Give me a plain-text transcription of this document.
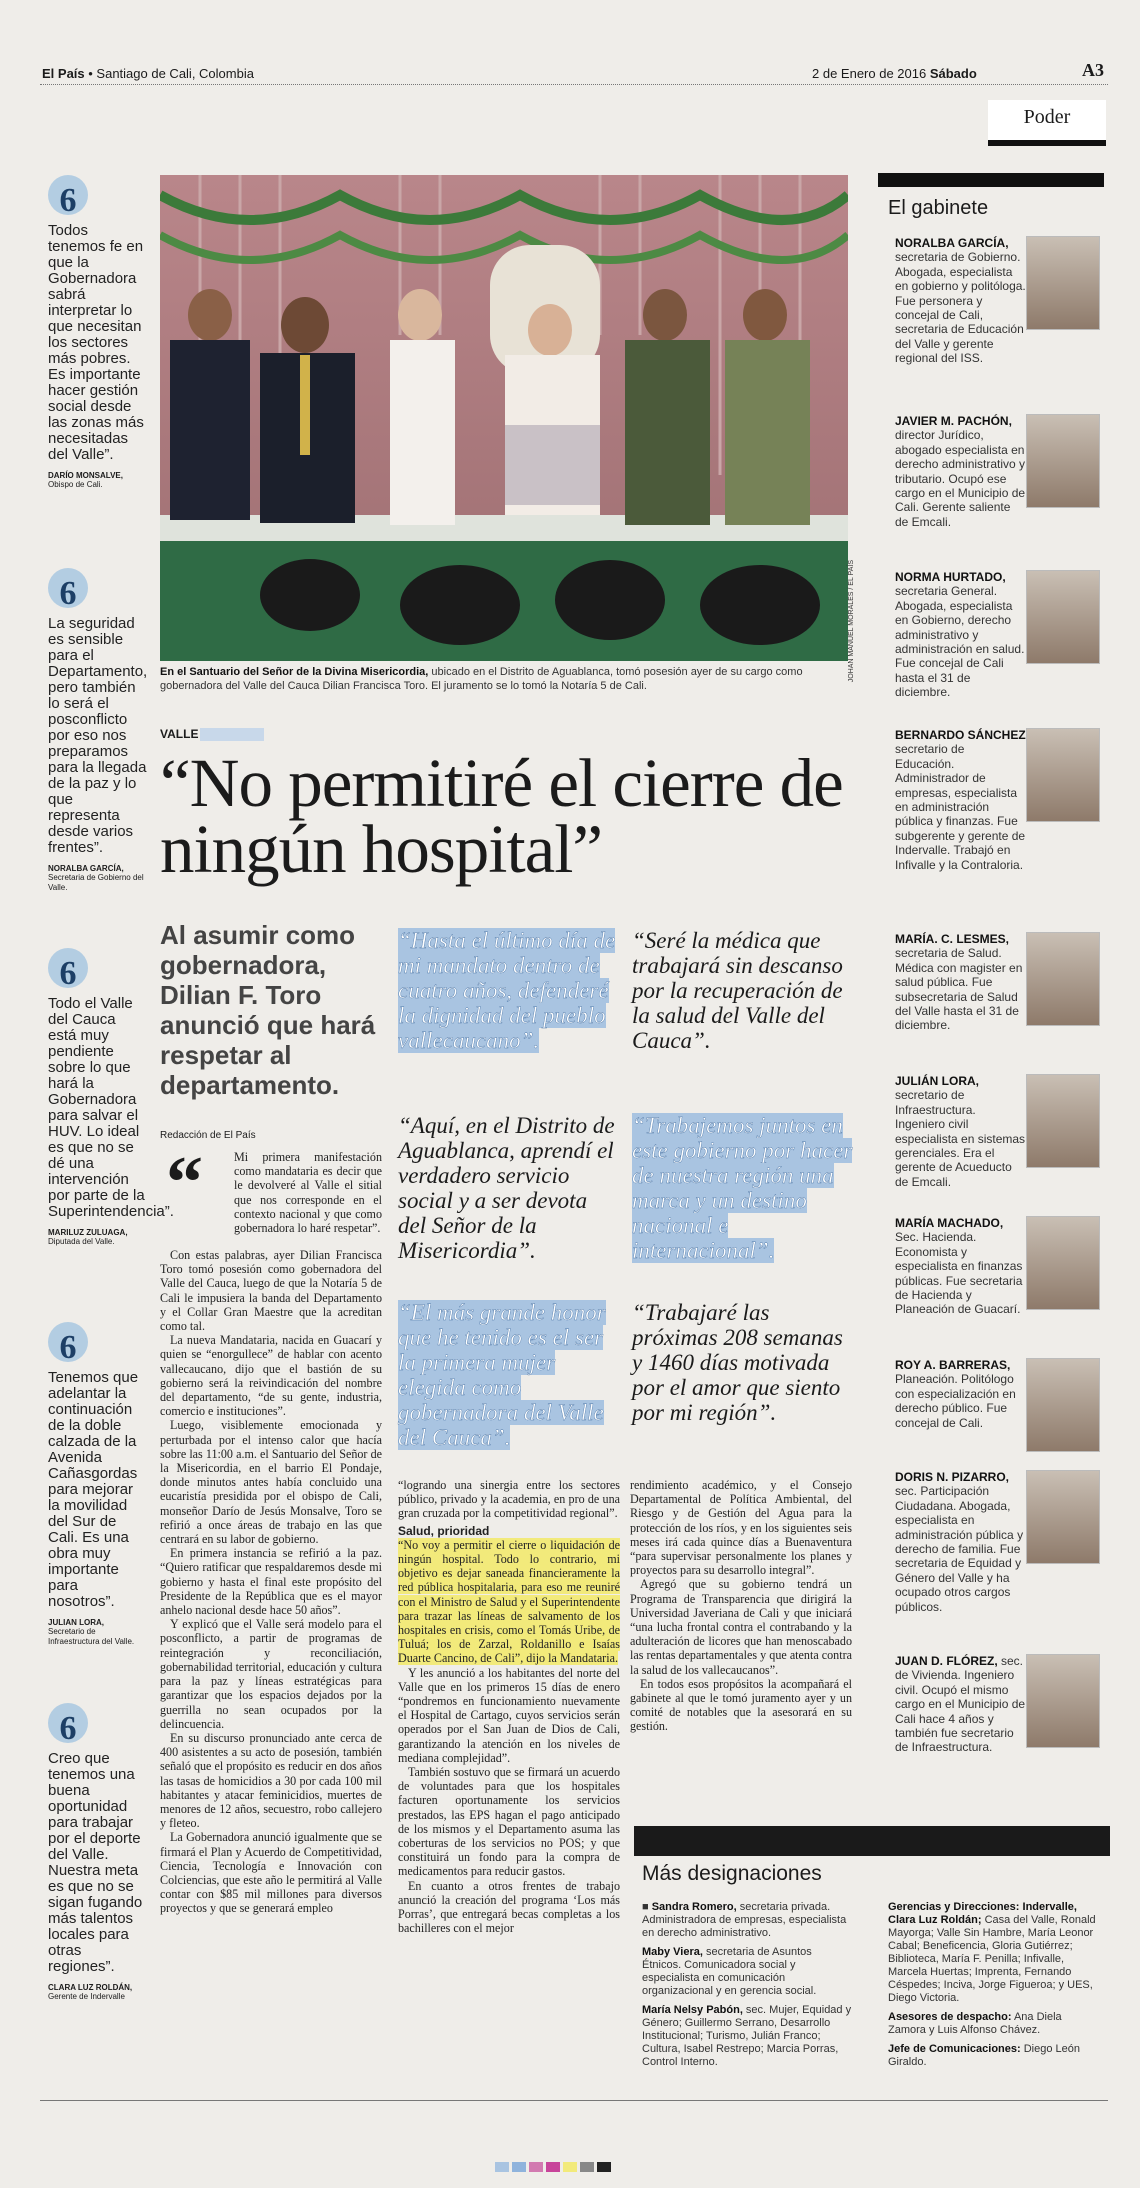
El País • Santiago de Cali, Colombia	2 de Enero de 2016 Sábado	A3
Poder
6
Todos tenemos fe en que la Gobernadora sabrá interpretar lo que necesitan los sectores más pobres. Es importante hacer gestión social desde las zonas más necesitadas del Valle”.
DARÍO MONSALVE,
Obispo de Cali.
6
La seguridad es sensible para el Departamento, pero también lo será el posconflicto por eso nos preparamos para la llegada de la paz y lo que representa desde varios frentes”.
NORALBA GARCÍA,
Secretaria de Gobierno del Valle.
6
Todo el Valle del Cauca está muy pendiente sobre lo que hará la Gobernadora para salvar el HUV. Lo ideal es que no se dé una intervención por parte de la Superintendencia”.
MARILUZ ZULUAGA,
Diputada del Valle.
6
Tenemos que adelantar la continuación de la doble calzada de la Avenida Cañasgordas para mejorar la movilidad del Sur de Cali. Es una obra muy importante para nosotros”.
JULIAN LORA,
Secretario de Infraestructura del Valle.
6
Creo que tenemos una buena oportunidad para trabajar por el deporte del Valle. Nuestra meta es que no se sigan fugando más talentos locales para otras regiones”.
CLARA LUZ ROLDÁN,
Gerente de Indervalle
JOHAN MANUEL MORALES / EL PAÍS
En el Santuario del Señor de la Divina Misericordia, ubicado en el Distrito de Aguablanca, tomó posesión ayer de su cargo como gobernadora del Valle del Cauca Dilian Francisca Toro. El juramento se lo tomó la Notaría 5 de Cali.
VALLE
“No permitiré el cierre de ningún hospital”
Al asumir como gobernadora, Dilian F. Toro anunció que hará respetar al departamento.
Redacción de El País
“	Mi primera manifestación como mandataria es decir que le devolveré al Valle el sitial que nos corresponde en el contexto nacional y que como gobernadora lo haré respetar”.

Con estas palabras, ayer Dilian Francisca Toro tomó posesión como gobernadora del Valle del Cauca, luego de que la Notaría 5 de Cali le impusiera la banda del Departamento y el Collar Gran Maestre que la acreditan como tal.

La nueva Mandataria, nacida en Guacarí y quien se “enorgullece” de hablar con acento vallecaucano, dijo que el bastión de su gobierno será la reivindicación del nombre del departamento, “de su gente, industria, comercio e instituciones”.

Luego, visiblemente emocionada y perturbada por el intenso calor que hacía sobre las 11:00 a.m. el Santuario del Señor de la Misericordia, en el barrio El Pondaje, donde minutos antes había concluido una eucaristía presidida por el obispo de Cali, monseñor Darío de Jesús Monsalve, Toro se refirió a once áreas de trabajo en las que centrará en su labor de gobierno.

En primera instancia se refirió a la paz. “Quiero ratificar que respaldaremos desde mi gobierno y hasta el final este propósito del Presidente de la República que es el mayor anhelo nacional desde hace 50 años”.

Y explicó que el Valle será modelo para el posconflicto, a partir de programas de reintegración y reconciliación, gobernabilidad territorial, educación y cultura para la paz y líneas estratégicas para garantizar que los espacios dejados por la guerrilla no sean ocupados por la delincuencia.

En su discurso pronunciado ante cerca de 400 asistentes a su acto de posesión, también señaló que el propósito es reducir en dos años las tasas de homicidios a 30 por cada 100 mil habitantes y atacar feminicidios, muertes de menores de 12 años, secuestro, robo callejero y fleteo.

La Gobernadora anunció igualmente que se firmará el Plan y Acuerdo de Competitividad, Ciencia, Tecnología e Innovación con Colciencias, que este año le permitirá al Valle contar con $85 mil millones para diversos proyectos y que se generará empleo

“logrando una sinergia entre los sectores público, privado y la academia, en pro de una gran cruzada por la competitividad regional”.

Salud, prioridad

“No voy a permitir el cierre o liquidación de ningún hospital. Todo lo contrario, mi objetivo es dejar saneada financieramente la red pública hospitalaria, para eso me reuniré con el Ministro de Salud y el Superintendente para trazar las líneas de salvamento de los hospitales en crisis, como el Tomás Uribe, de Tuluá; los de Zarzal, Roldanillo e Isaías Duarte Cancino, de Cali”, dijo la Mandataria.

Y les anunció a los habitantes del norte del Valle que en los primeros 15 días de enero “pondremos en funcionamiento nuevamente el Hospital de Cartago, cuyos servicios serán operados por el San Juan de Dios de Cali, garantizando la atención en los niveles de mediana complejidad”.

También sostuvo que se firmará un acuerdo de voluntades para que los hospitales facturen oportunamente los servicios prestados, las EPS hagan el pago anticipado de los mismos y el Departamento asuma las coberturas de los servicios no POS; y que constituirá un fondo para la compra de medicamentos para reducir gastos.

En cuanto a otros frentes de trabajo anunció la creación del programa ‘Los más Porras’, que entregará becas completas a los bachilleres con el mejor

rendimiento académico, y el Consejo Departamental de Política Ambiental, del Riesgo y de Gestión del Agua para la protección de los ríos, y en los siguientes seis meses irá cada quince días a Buenaventura “para supervisar personalmente los planes y proyectos para su desarrollo integral”.

Agregó que su gobierno tendrá un Programa de Transparencia que dirigirá la Universidad Javeriana de Cali y que iniciará “una lucha frontal contra el contrabando y la adulteración de licores que han menoscabado las rentas departamentales y que atenta contra la salud de los vallecaucanos”.

En todos esos propósitos la acompañará el gabinete al que le tomó juramento ayer y un comité de notables que la asesorará en su gestión.

“Hasta el último día de mi mandato dentro de cuatro años, defenderé la dignidad del pueblo vallecaucano”.
“Seré la médica que trabajará sin descanso por la recuperación de la salud del Valle del Cauca”.
“Aquí, en el Distrito de Aguablanca, aprendí el verdadero servicio social y a ser devota del Señor de la Misericordia”.
“Trabajemos juntos en este gobierno por hacer de nuestra región una marca y un destino nacional e internacional”.
“El más grande honor que he tenido es el ser la primera mujer elegida como gobernadora del Valle del Cauca”.
“Trabajaré las próximas 208 semanas y 1460 días motivada por el amor que siento por mi región”.
El gabinete
NORALBA GARCÍA, secretaria de Gobierno. Abogada, especialista en gobierno y politóloga. Fue personera y concejal de Cali, secretaria de Educación del Valle y gerente regional del ISS.
JAVIER M. PACHÓN, director Jurídico, abogado especialista en derecho administrativo y tributario. Ocupó ese cargo en el Municipio de Cali. Gerente saliente de Emcali.
NORMA HURTADO, secretaria General. Abogada, especialista en Gobierno, derecho administrativo y administración en salud. Fue concejal de Cali hasta el 31 de diciembre.
BERNARDO SÁNCHEZ secretario de Educación. Administrador de empresas, especialista en administración pública y finanzas. Fue subgerente y gerente de Indervalle. Trabajó en Infivalle y la Contraloria.
MARÍA. C. LESMES, secretaria de Salud. Médica con magister en salud pública. Fue subsecretaria de Salud del Valle hasta el 31 de diciembre.
JULIÁN LORA, secretario de Infraestructura. Ingeniero civil especialista en sistemas gerenciales. Era el gerente de Acueducto de Emcali.
MARÍA MACHADO, Sec. Hacienda. Economista y especialista en finanzas públicas. Fue secretaria de Hacienda y Planeación de Guacarí.
ROY A. BARRERAS, Planeación. Politólogo con especialización en derecho público. Fue concejal de Cali.
DORIS N. PIZARRO, sec. Participación Ciudadana. Abogada, especialista en administración pública y derecho de familia. Fue secretaria de Equidad y Género del Valle y ha ocupado otros cargos públicos.
JUAN D. FLÓREZ, sec. de Vivienda. Ingeniero civil. Ocupó el mismo cargo en el Municipio de Cali hace 4 años y también fue secretario de Infraestructura.
Más designaciones
■ Sandra Romero, secretaria privada. Administradora de empresas, especialista en derecho administrativo.
Maby Viera, secretaria de Asuntos Étnicos. Comunicadora social y especialista en comunicación organizacional y en gerencia social.
María Nelsy Pabón, sec. Mujer, Equidad y Género; Guillermo Serrano, Desarrollo Institucional; Turismo, Julián Franco; Cultura, Isabel Restrepo; Marcia Porras, Control Interno.
Gerencias y Direcciones: Indervalle, Clara Luz Roldán; Casa del Valle, Ronald Mayorga; Valle Sin Hambre, María Leonor Cabal; Beneficencia, Gloria Gutiérrez; Biblioteca, María F. Penilla; Infivalle, Marcela Huertas; Imprenta, Fernando Céspedes; Inciva, Jorge Figueroa; y UES, Diego Victoria.
Asesores de despacho: Ana Diela Zamora y Luis Alfonso Chávez.
Jefe de Comunicaciones: Diego León Giraldo.
